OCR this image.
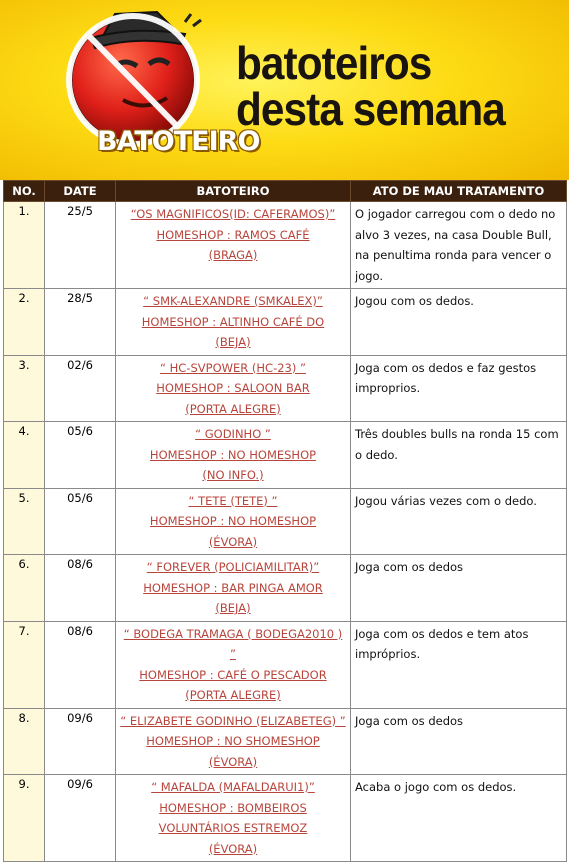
BATOTEIRO
batoteiros
desta semana
NO.	DATE	BATOTEIRO	ATO DE MAU TRATAMENTO
1.	25/5	“OS MAGNIFICOS(ID: CAFERAMOS)”
HOMESHOP : RAMOS CAFÉ
(BRAGA)	O jogador carregou com o dedo no alvo 3 vezes, na casa Double Bull, na penultima ronda para vencer o jogo.
2.	28/5	“ SMK-ALEXANDRE (SMKALEX)”
HOMESHOP : ALTINHO CAFÉ DO
(BEJA)	Jogou com os dedos.
3.	02/6	“ HC-SVPOWER (HC-23) ”
HOMESHOP : SALOON BAR
(PORTA ALEGRE)	Joga com os dedos e faz gestos improprios.
4.	05/6	“ GODINHO ”
HOMESHOP : NO HOMESHOP
(NO INFO.)	Três doubles bulls na ronda 15 com o dedo.
5.	05/6	“ TETE (TETE) ”
HOMESHOP : NO HOMESHOP
(ÉVORA)	Jogou várias vezes com o dedo.
6.	08/6	“ FOREVER (POLICIAMILITAR)”
HOMESHOP : BAR PINGA AMOR
(BEJA)	Joga com os dedos
7.	08/6	“ BODEGA TRAMAGA ( BODEGA2010 ) ”
HOMESHOP : CAFÉ O PESCADOR
(PORTA ALEGRE)	Joga com os dedos e tem atos impróprios.
8.	09/6	“ ELIZABETE GODINHO (ELIZABETEG) ”
HOMESHOP : NO SHOMESHOP
(ÉVORA)	Joga com os dedos
9.	09/6	“ MAFALDA (MAFALDARUI1)”
HOMESHOP : BOMBEIROS VOLUNTÁRIOS ESTREMOZ
(ÉVORA)	Acaba o jogo com os dedos.
